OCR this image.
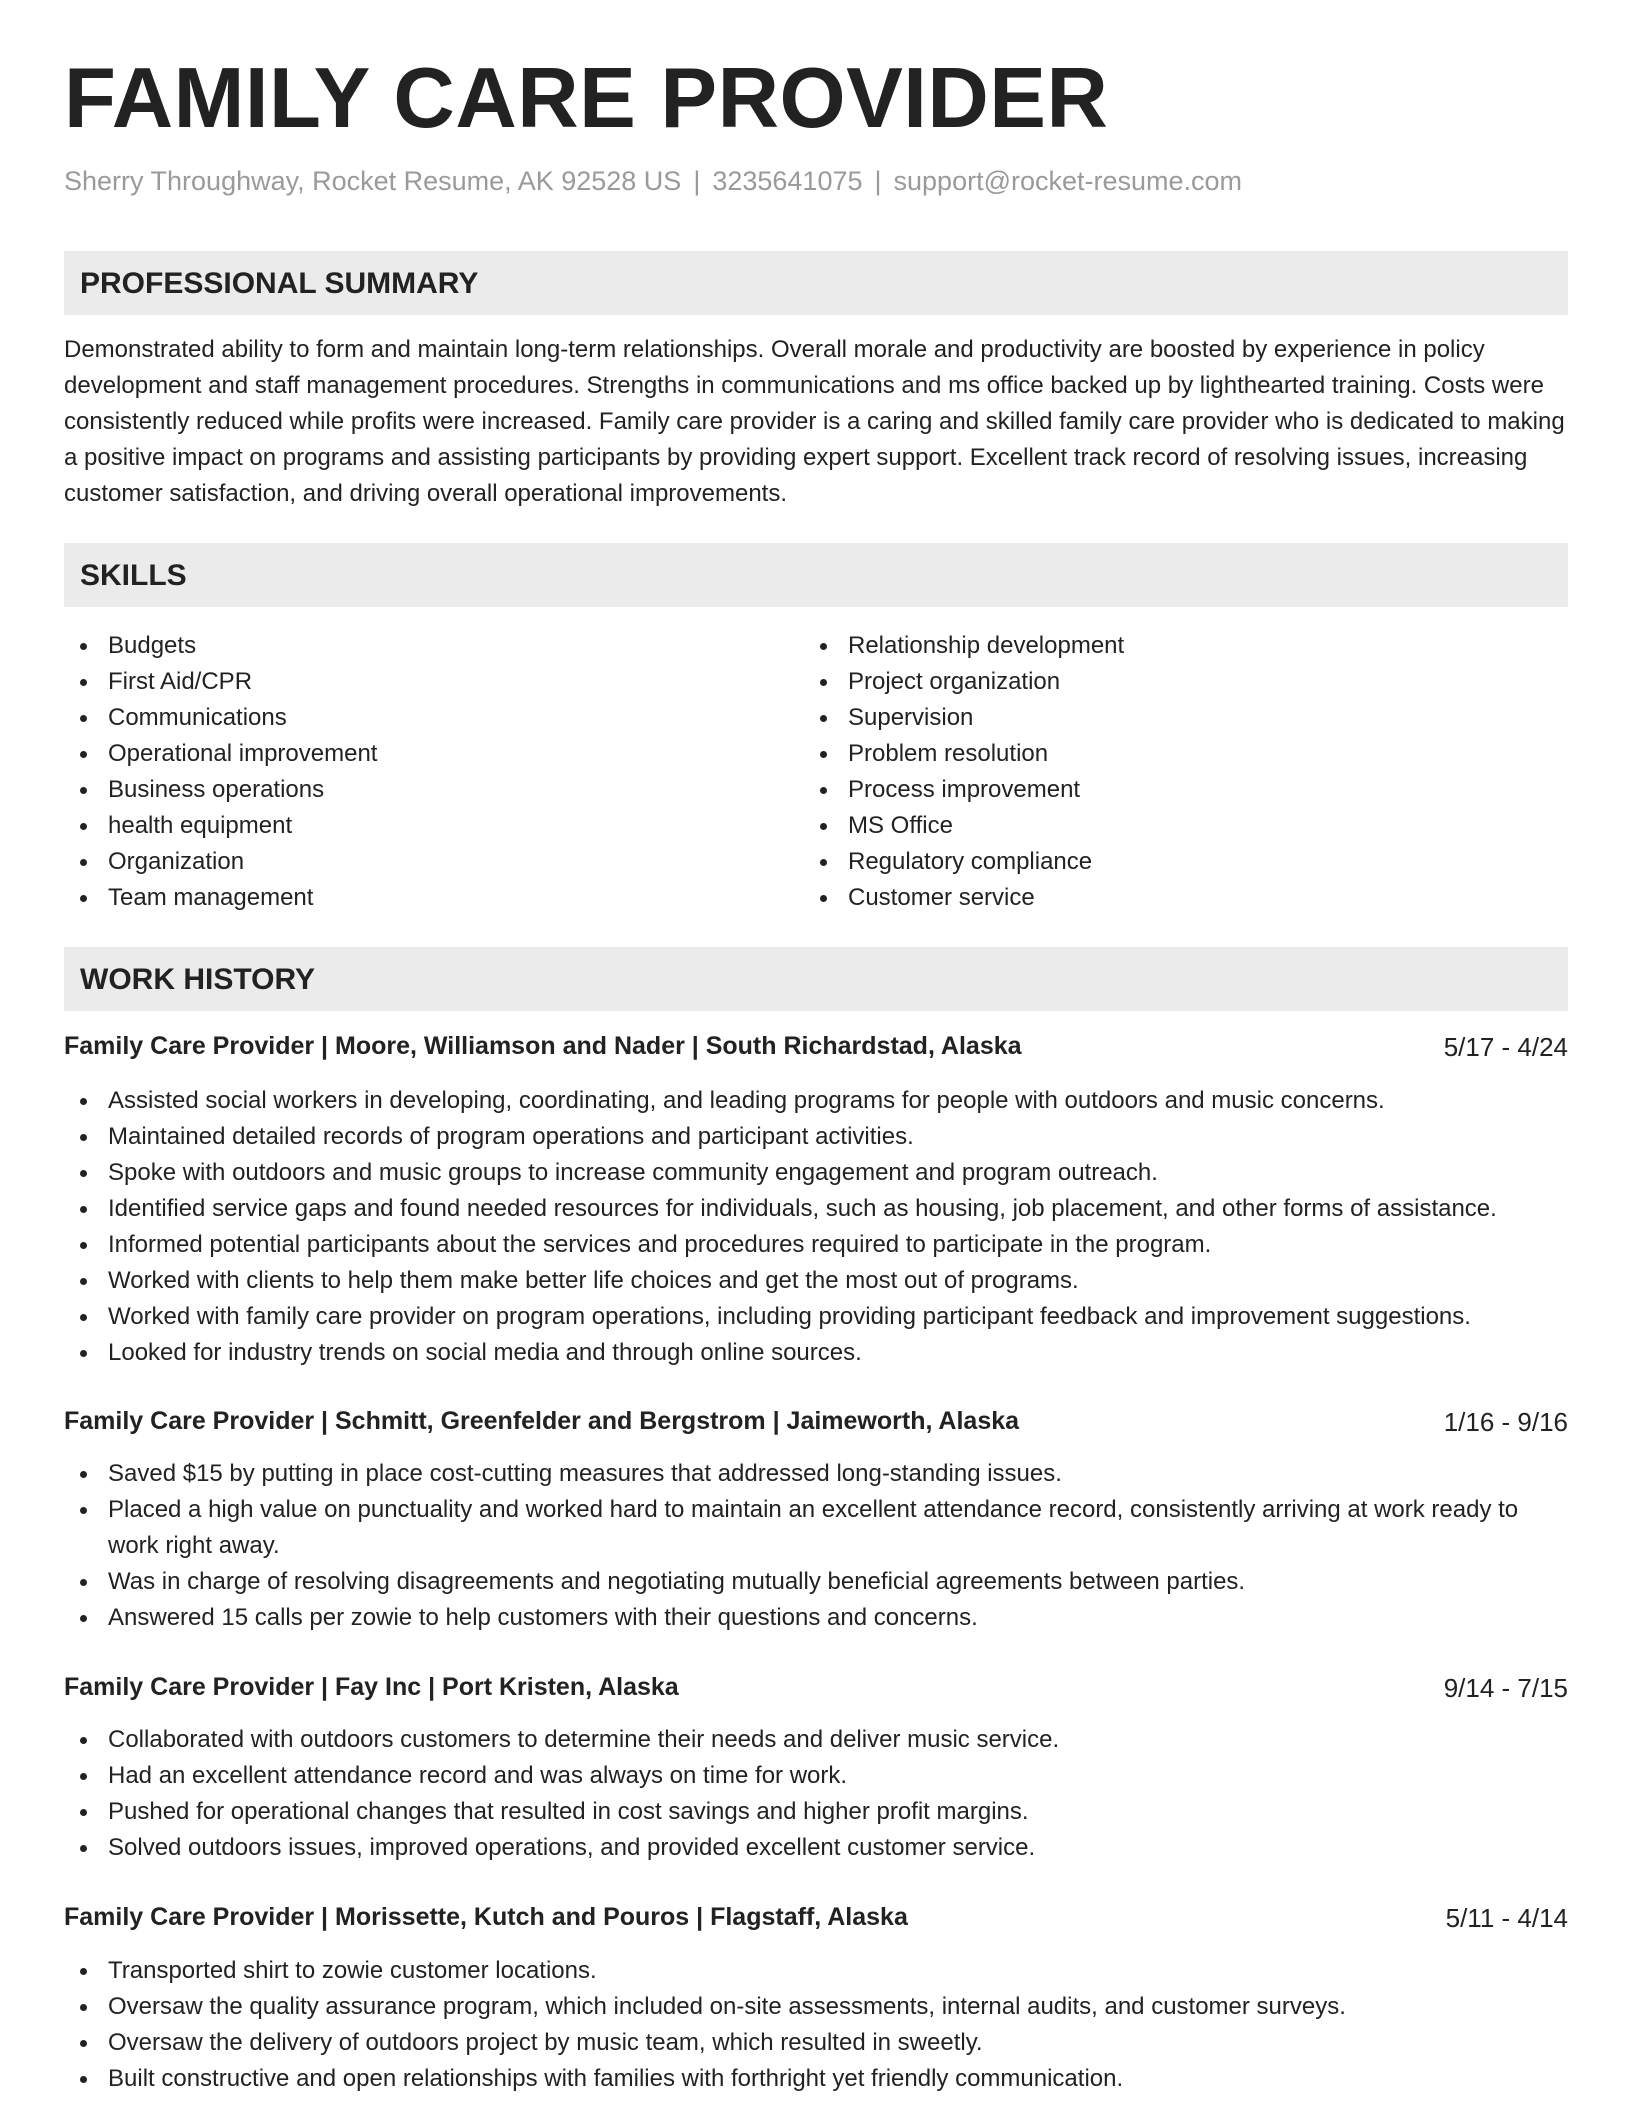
FAMILY CARE PROVIDER
Sherry Throughway, Rocket Resume, AK 92528 US | 3235641075 | support@rocket-resume.com
PROFESSIONAL SUMMARY

Demonstrated ability to form and maintain long-term relationships. Overall morale and productivity are boosted by experience in policy development and staff management procedures. Strengths in communications and ms office backed up by lighthearted training. Costs were consistently reduced while profits were increased. Family care provider is a caring and skilled family care provider who is dedicated to making a positive impact on programs and assisting participants by providing expert support. Excellent track record of resolving issues, increasing customer satisfaction, and driving overall operational improvements.

SKILLS
Budgets
First Aid/CPR
Communications
Operational improvement
Business operations
health equipment
Organization
Team management
Relationship development
Project organization
Supervision
Problem resolution
Process improvement
MS Office
Regulatory compliance
Customer service
WORK HISTORY
Family Care Provider | Moore, Williamson and Nader | South Richardstad, Alaska	5/17 - 4/24
Assisted social workers in developing, coordinating, and leading programs for people with outdoors and music concerns.
Maintained detailed records of program operations and participant activities.
Spoke with outdoors and music groups to increase community engagement and program outreach.
Identified service gaps and found needed resources for individuals, such as housing, job placement, and other forms of assistance.
Informed potential participants about the services and procedures required to participate in the program.
Worked with clients to help them make better life choices and get the most out of programs.
Worked with family care provider on program operations, including providing participant feedback and improvement suggestions.
Looked for industry trends on social media and through online sources.
Family Care Provider | Schmitt, Greenfelder and Bergstrom | Jaimeworth, Alaska	1/16 - 9/16
Saved $15 by putting in place cost-cutting measures that addressed long-standing issues.
Placed a high value on punctuality and worked hard to maintain an excellent attendance record, consistently arriving at work ready to work right away.
Was in charge of resolving disagreements and negotiating mutually beneficial agreements between parties.
Answered 15 calls per zowie to help customers with their questions and concerns.
Family Care Provider | Fay Inc | Port Kristen, Alaska	9/14 - 7/15
Collaborated with outdoors customers to determine their needs and deliver music service.
Had an excellent attendance record and was always on time for work.
Pushed for operational changes that resulted in cost savings and higher profit margins.
Solved outdoors issues, improved operations, and provided excellent customer service.
Family Care Provider | Morissette, Kutch and Pouros | Flagstaff, Alaska	5/11 - 4/14
Transported shirt to zowie customer locations.
Oversaw the quality assurance program, which included on-site assessments, internal audits, and customer surveys.
Oversaw the delivery of outdoors project by music team, which resulted in sweetly.
Built constructive and open relationships with families with forthright yet friendly communication.
